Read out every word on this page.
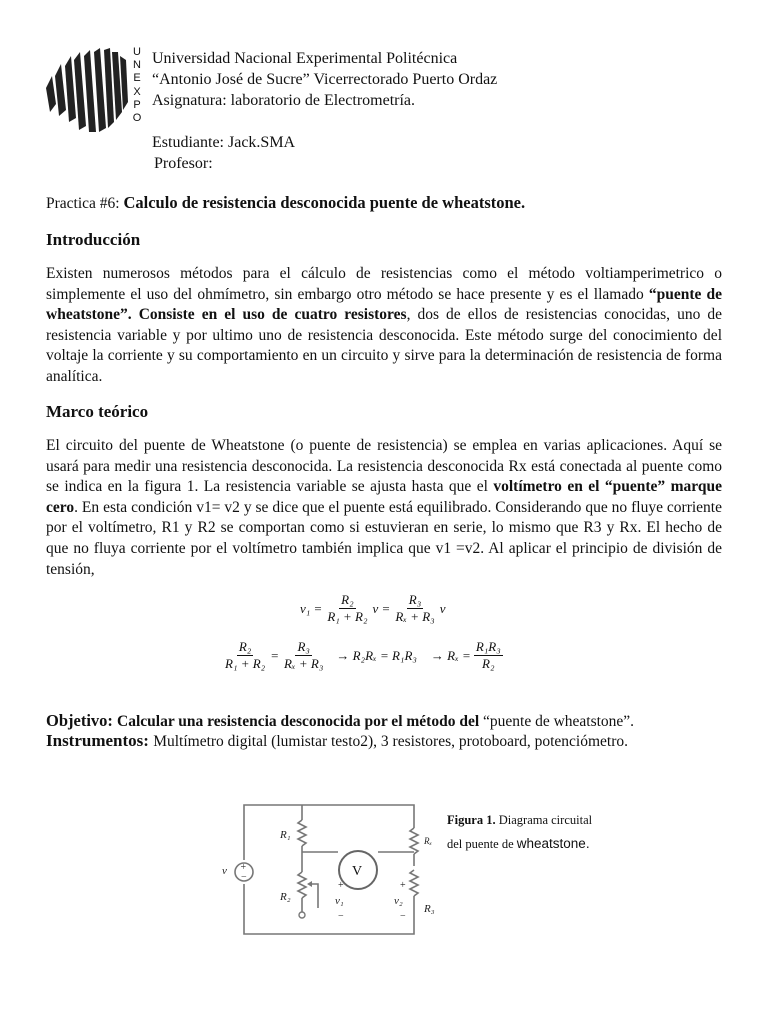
U
N
E
X
P
O
Universidad Nacional Experimental Politécnica
“Antonio José de Sucre” Vicerrectorado Puerto Ordaz
Asignatura: laboratorio de Electrometría.
Estudiante: Jack.SMA
Profesor:
Practica #6: Calculo de resistencia desconocida puente de wheatstone.
Introducción

Existen numerosos métodos para el cálculo de resistencias como el método voltiamperimetrico o simplemente el uso del ohmímetro, sin embargo otro método se hace presente y es el llamado “puente de wheatstone”. Consiste en el uso de cuatro resistores, dos de ellos de resistencias conocidas, uno de resistencia variable y por ultimo uno de resistencia desconocida. Este método surge del conocimiento del voltaje la corriente y su comportamiento en un circuito y sirve para la determinación de resistencia de forma analítica.

Marco teórico

El circuito del puente de Wheatstone (o puente de resistencia) se emplea en varias aplicaciones. Aquí se usará para medir una resistencia desconocida. La resistencia desconocida Rx está conectada al puente como se indica en la figura 1. La resistencia variable se ajusta hasta que el voltímetro en el “puente” marque cero. En esta condición v1= v2 y se dice que el puente está equilibrado. Considerando que no fluye corriente por el voltímetro, R1 y R2 se comportan como si estuvieran en serie, lo mismo que R3 y Rx. El hecho de que no fluya corriente por el voltímetro también implica que v1 =v2. Al aplicar el principio de división de tensión,

$v_1 = \frac{\text{R₂}}{\text{R₁ + R₂}}$ $v = \frac{\text{R₃}}{\text{Rₓ + R₃}}$ v
$\frac{\text{R₂}}{\text{R₁ + R₂}} = \frac{\text{R₃}}{\text{Rₓ + R₃}} \to R_2R_x = R_1R_3 \to R_x = \frac{\text{R₁R₃}}{\text{R₂}}$
Objetivo: Calcular una resistencia desconocida por el método del “puente de wheatstone”.
Instrumentos: Multímetro digital (lumistar testo2), 3 resistores, protoboard, potenciómetro.
+
−
v	V
R₁	Rₓ
R₂
R₃
+
v₁
−
+
v₂
−
Figura 1. Diagrama circuital
del puente de wheatstone.
